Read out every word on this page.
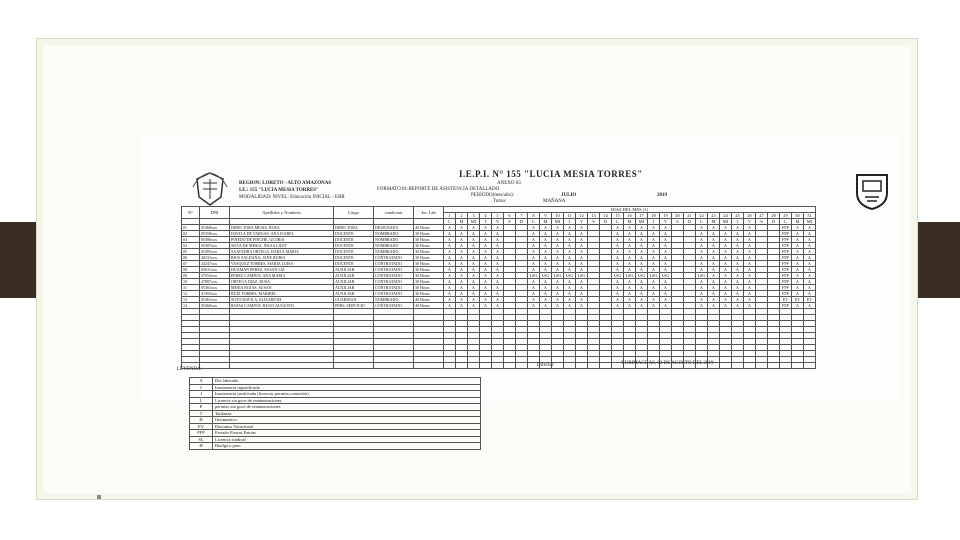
I.E.P.I. N° 155 "LUCIA MESIA TORRES"
ANEXO 03
FORMATO 01:REPORTE DE ASISTENCIA DETALLADO
PERIODO(mes/año):	JULIO	2019
Turno:	MAÑANA
REGION: LORETO - ALTO AMAZONAS
I.E.: 155 "LUCIA MESIA TORRES"
MODALIDAD/ NIVEL: Educación INICIAL - EBR
N°	DNI	Apellidos y Nombres	Cargo	condicion	Jor. Lab	DIAS DEL MES (1)																														
						1	2	3	4	5	6	7	8	9	10	11	12	13	14	15	16	17	18	19	20	21	22	23	24	25	26	27	28	29	30	31
						L	M	MI	J	V	S	D	L	M	MI	J	V	S	D	L	M	MI	J	V	S	D	L	M	MI	J	V	S	D	L	M	MI
01	05368xxx	DIRECTORA MESIA, ROSA	DIRECTORA	DESIGNADA	40 Horas	A	A	A	A	A			A	A	A	A	A			A	A	A	A	A			A	A	A	A	A			FFP	A	A
02	05358xxx	DAVILA DE VARGAS, ANA ISABEL	DOCENTE	NOMBRADO	30 Horas	A	A	A	A	A			A	A	A	A	A			A	A	A	A	A			A	A	A	A	A			FFP	A	A
03	05386xxx	PINEDO DE PINCHE, GLORIA	DOCENTE	NOMBRADO	30 Horas	A	A	A	A	A			A	A	A	A	A			A	A	A	A	A			A	A	A	A	A			FFP	A	A
04	05387xxx	SILVA DE MESIA, NILSA LILET	DOCENTE	NOMBRADO	30 Horas	A	A	A	A	A			A	A	A	A	A			A	A	A	A	A			A	A	A	A	A			FFP	A	A
05	05383xxx	SAAVEDRA ORTEGA, DARLA MARIA	DOCENTE	NOMBRADO	30 Horas	A	A	A	A	A			A	A	A	A	A			A	A	A	A	A			A	A	A	A	A			FFP	A	A
06	40231xxx	RIOS SALDAÑA, JANE RUBIA	DOCENTE	CONTRATADO	30 Horas	A	A	A	A	A			A	A	A	A	A			A	A	A	A	A			A	A	A	A	A			FFP	A	A
07	44247xxx	VASQUEZ TORRES, MARIA LUISA	DOCENTE	CONTRATADO	30 Horas	A	A	A	A	A			A	A	A	A	A			A	A	A	A	A			A	A	A	A	A			FFP	A	A
08	05611xxx	HUAMAN PEREZ, SUSAN LIZ	AUXILIAR	CONTRATADO	30 Horas	A	A	A	A	A			A	A	A	A	A			A	A	A	A	A			A	A	A	A	A			FFP	A	A
09	47554xxx	PEREZ CAMPOS, ANA MARIA	AUXILIAR	CONTRATADO	30 Horas	A	A	A	A	A			LSG	LSG	LSG	LSG	LSG			LSG	LSG	LSG	LSG	LSG			LSG	A	A	A	A			FFP	A	A
10	47887xxx	ORTEGA DIAZ, ROSA	AUXILIAR	CONTRATADO	30 Horas	A	A	A	A	A			A	A	A	A	A			A	A	A	A	A			A	A	A	A	A			FFP	A	A
11	05361xxx	MESIA ROJAS, SUSAN	AUXILIAR	CONTRATADO	30 Horas	A	A	A	A	A			A	A	A	A	A			A	A	A	A	A			A	A	A	A	A			FFP	A	A
12	41393xxx	RUIZ TORRES, MARIBEL	AUXILIAR	CONTRATADO	30 Horas	A	A	A	A	A			A	A	A	A	A			A	A	A	A	A			A	A	A	A	A			FFP	A	A
13	05361xxx	SOTO DAVILA, ELIZABETH	GUARDIAN	NOMBRADO	40 Horas	A	A	A	A	A			A	A	A	A	A			A	A	A	A	A			A	A	A	A	A			EV	EV	EV
14	05360xxx	ROJAS CAMPOS, HUGO AUGUSTO	PERS. SERVICIO	CONTRATADO	40 Horas	A	A	A	A	A			A	A	A	A	A			A	A	A	A	A			A	A	A	A	A			FFP	A	A

Director	YURIMAGUAS, 02 DE AGOSTO DEL 2019
LEYENDA:
A	Día laborado
I	Inasistencia injustificada
J	Inasistencia justificada (licencia, permiso,comisión)
L	Licencia sin goce de remuneraciones
P	permiso sin goce de remuneraciones
T	Tardanza
H	Onomastico
EV	Descanso Vacacional
FFP	Feriado Fiestas Patrias
SL	Licencia sindical
H	Huelga o paro
